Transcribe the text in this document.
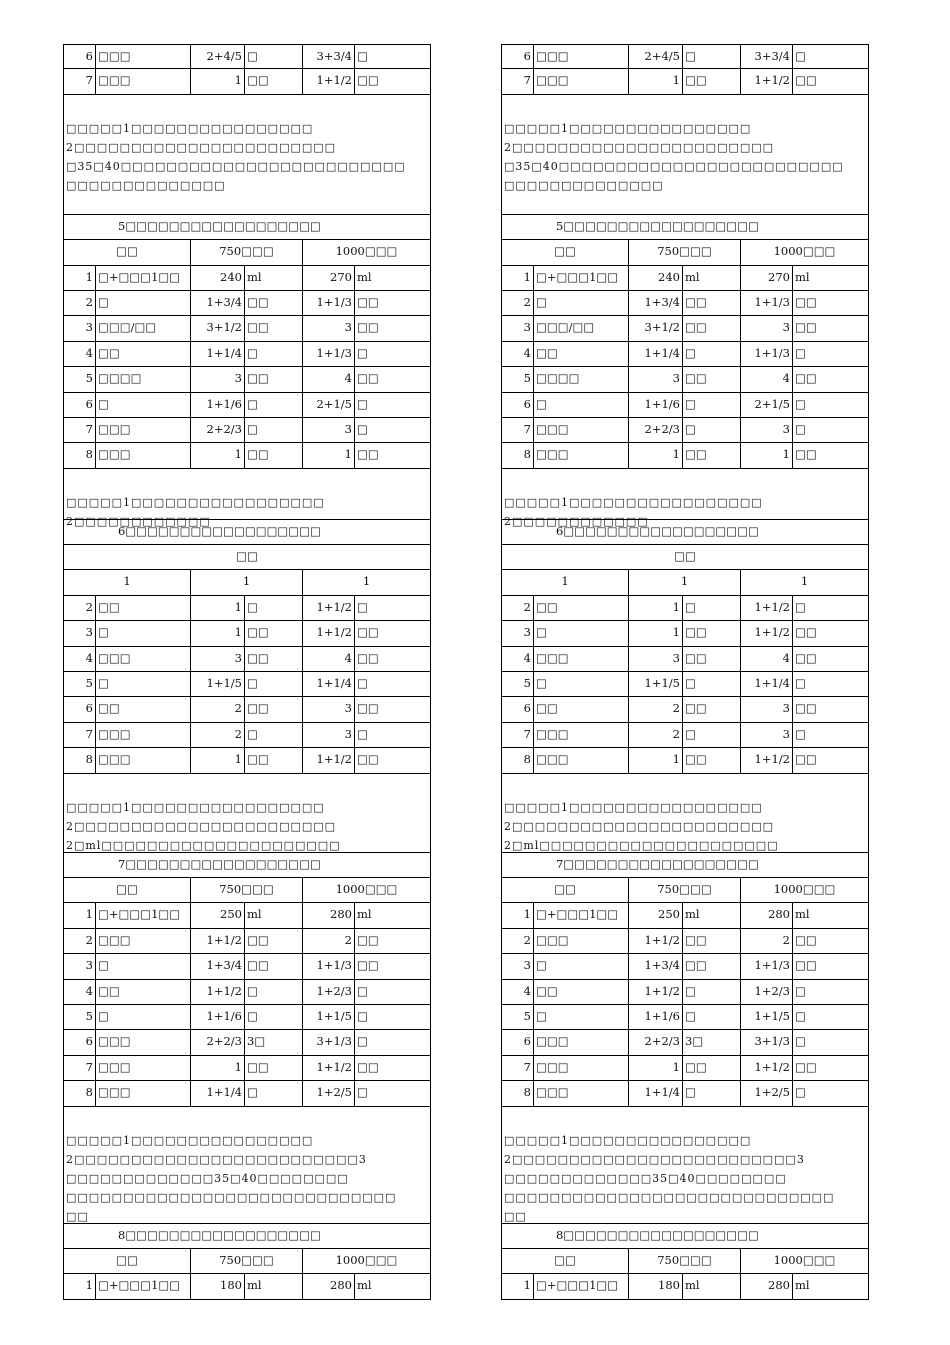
6 □□□	2+4/5 □	3+3/4 □
7 □□□	1 □□	1+1/2 □□
□□□□□1□□□□□□□□□□□□□□□□
2□□□□□□□□□□□□□□□□□□□□□□□
□35□40□□□□□□□□□□□□□□□□□□□□□□□□□
□□□□□□□□□□□□□□
5□□□□□□□□□□□□□□□□□□
□□	750□□□	1000□□□
1 □+□□□1□□	240 ml	270 ml
2 □	1+3/4 □□	1+1/3 □□
3 □□□/□□	3+1/2 □□	3 □□
4 □□	1+1/4 □	1+1/3 □
5 □□□□	3 □□	4 □□
6 □	1+1/6 □	2+1/5 □
7 □□□	2+2/3 □	3 □
8 □□□	1 □□	1 □□
□□□□□1□□□□□□□□□□□□□□□□□
2□□□□□□□□□□□□
6□□□□□□□□□□□□□□□□□□
□□
1	1	1
2 □□	1 □	1+1/2 □
3 □	1 □□	1+1/2 □□
4 □□□	3 □□	4 □□
5 □	1+1/5 □	1+1/4 □
6 □□	2 □□	3 □□
7 □□□	2 □	3 □
8 □□□	1 □□	1+1/2 □□
□□□□□1□□□□□□□□□□□□□□□□□
2□□□□□□□□□□□□□□□□□□□□□□□
2□ml□□□□□□□□□□□□□□□□□□□□□
7□□□□□□□□□□□□□□□□□□
□□	750□□□	1000□□□
1 □+□□□1□□	250 ml	280 ml
2 □□□	1+1/2 □□	2 □□
3 □	1+3/4 □□	1+1/3 □□
4 □□	1+1/2 □	1+2/3 □
5 □	1+1/6 □	1+1/5 □
6 □□□	2+2/3 3□	3+1/3 □
7 □□□	1 □□	1+1/2 □□
8 □□□	1+1/4 □	1+2/5 □
□□□□□1□□□□□□□□□□□□□□□□
2□□□□□□□□□□□□□□□□□□□□□□□□□3
□□□□□□□□□□□□□35□40□□□□□□□□
□□□□□□□□□□□□□□□□□□□□□□□□□□□□□
□□
8□□□□□□□□□□□□□□□□□□
□□	750□□□	1000□□□
1 □+□□□1□□	180 ml	280 ml
6 □□□	2+4/5 □	3+3/4 □
7 □□□	1 □□	1+1/2 □□
□□□□□1□□□□□□□□□□□□□□□□
2□□□□□□□□□□□□□□□□□□□□□□□
□35□40□□□□□□□□□□□□□□□□□□□□□□□□□
□□□□□□□□□□□□□□
5□□□□□□□□□□□□□□□□□□
□□	750□□□	1000□□□
1 □+□□□1□□	240 ml	270 ml
2 □	1+3/4 □□	1+1/3 □□
3 □□□/□□	3+1/2 □□	3 □□
4 □□	1+1/4 □	1+1/3 □
5 □□□□	3 □□	4 □□
6 □	1+1/6 □	2+1/5 □
7 □□□	2+2/3 □	3 □
8 □□□	1 □□	1 □□
□□□□□1□□□□□□□□□□□□□□□□□
2□□□□□□□□□□□□
6□□□□□□□□□□□□□□□□□□
□□
1	1	1
2 □□	1 □	1+1/2 □
3 □	1 □□	1+1/2 □□
4 □□□	3 □□	4 □□
5 □	1+1/5 □	1+1/4 □
6 □□	2 □□	3 □□
7 □□□	2 □	3 □
8 □□□	1 □□	1+1/2 □□
□□□□□1□□□□□□□□□□□□□□□□□
2□□□□□□□□□□□□□□□□□□□□□□□
2□ml□□□□□□□□□□□□□□□□□□□□□
7□□□□□□□□□□□□□□□□□□
□□	750□□□	1000□□□
1 □+□□□1□□	250 ml	280 ml
2 □□□	1+1/2 □□	2 □□
3 □	1+3/4 □□	1+1/3 □□
4 □□	1+1/2 □	1+2/3 □
5 □	1+1/6 □	1+1/5 □
6 □□□	2+2/3 3□	3+1/3 □
7 □□□	1 □□	1+1/2 □□
8 □□□	1+1/4 □	1+2/5 □
□□□□□1□□□□□□□□□□□□□□□□
2□□□□□□□□□□□□□□□□□□□□□□□□□3
□□□□□□□□□□□□□35□40□□□□□□□□
□□□□□□□□□□□□□□□□□□□□□□□□□□□□□
□□
8□□□□□□□□□□□□□□□□□□
□□	750□□□	1000□□□
1 □+□□□1□□	180 ml	280 ml
